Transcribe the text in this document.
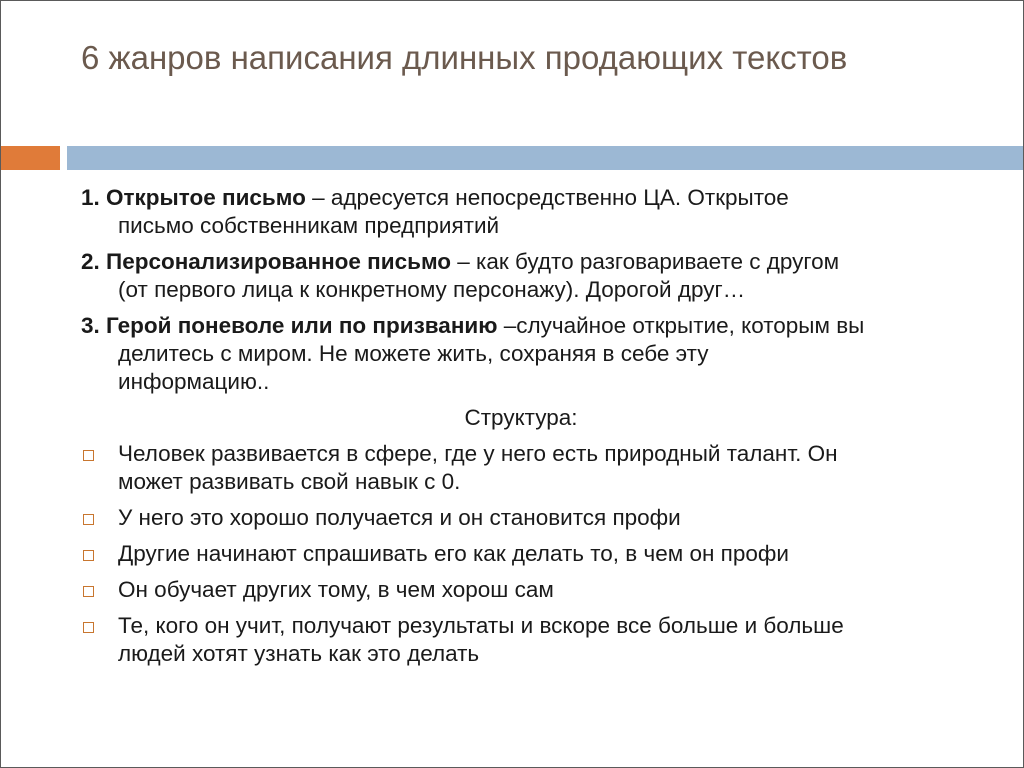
6 жанров написания длинных продающих текстов
1. Открытое письмо – адресуется непосредственно ЦА. Открытое
письмо собственникам предприятий
2. Персонализированное письмо – как будто разговариваете с другом
(от первого лица к конкретному персонажу). Дорогой друг…
3. Герой поневоле или по призванию –случайное открытие, которым вы
делитесь с миром. Не можете жить, сохраняя в себе эту
информацию..
Структура:
Человек развивается в сфере, где у него есть природный талант. Он
может развивать свой навык с 0.
У него это хорошо получается и он становится профи
Другие начинают спрашивать его как делать то, в чем он профи
Он обучает других тому, в чем хорош сам
Те, кого он учит, получают результаты и вскоре все больше и больше
людей хотят узнать как это делать
